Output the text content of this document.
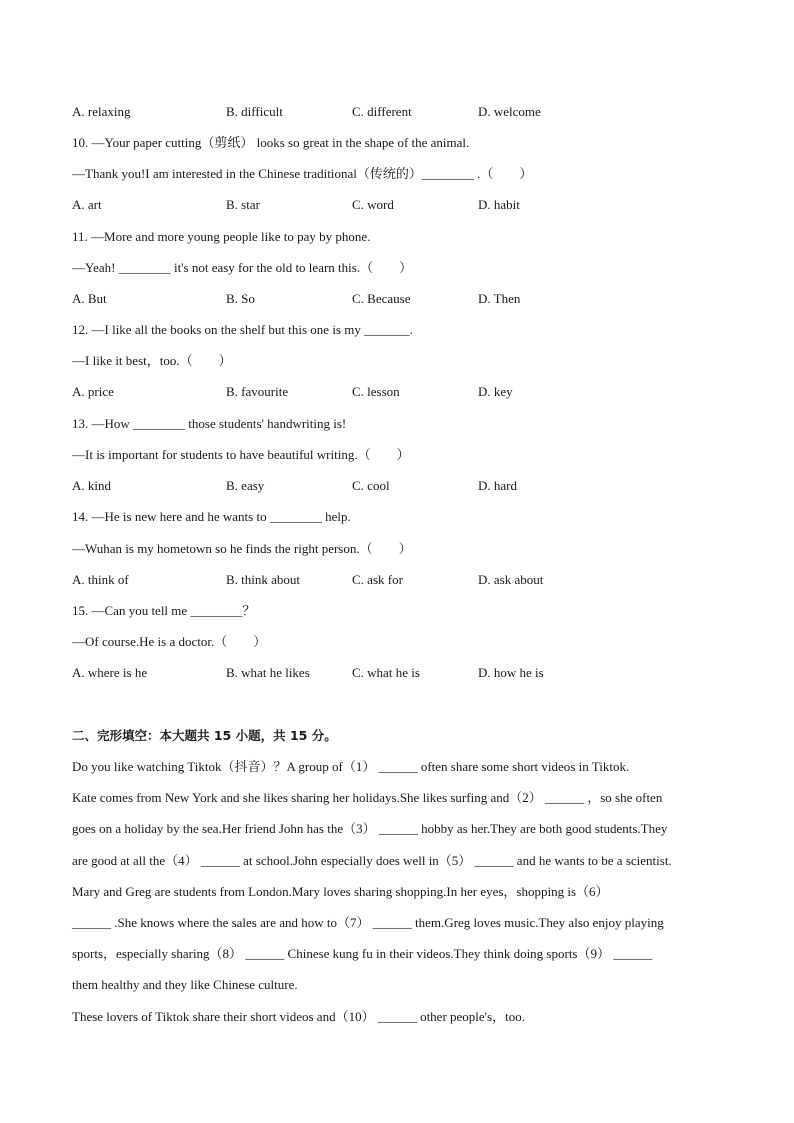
A. relaxing	B. difficult	C. different	D. welcome
10. —Your paper cutting（剪纸） looks so great in the shape of the animal.
—Thank you!I am interested in the Chinese traditional（传统的）________ .（　　）
A. art	B. star	C. word	D. habit
11. —More and more young people like to pay by phone.
—Yeah! ________ it's not easy for the old to learn this.（　　）
A. But	B. So	C. Because	D. Then
12. —I like all the books on the shelf but this one is my _______.
—I like it best，too.（　　）
A. price	B. favourite	C. lesson	D. key
13. —How ________ those students' handwriting is!
—It is important for students to have beautiful writing.（　　）
A. kind	B. easy	C. cool	D. hard
14. —He is new here and he wants to ________ help.
—Wuhan is my hometown so he finds the right person.（　　）
A. think of	B. think about	C. ask for	D. ask about
15. —Can you tell me ________？
—Of course.He is a doctor.（　　）
A. where is he	B. what he likes	C. what he is	D. how he is
二、完形填空：本大题共 15 小题，共 15 分。
Do you like watching Tiktok（抖音）？A group of（1） ______ often share some short videos in Tiktok.
Kate comes from New York and she likes sharing her holidays.She likes surfing and（2） ______ ，so she often
goes on a holiday by the sea.Her friend John has the（3） ______ hobby as her.They are both good students.They
are good at all the（4） ______ at school.John especially does well in（5） ______ and he wants to be a scientist.
Mary and Greg are students from London.Mary loves sharing shopping.In her eyes，shopping is（6）
______ .She knows where the sales are and how to（7） ______ them.Greg loves music.They also enjoy playing
sports，especially sharing（8） ______ Chinese kung fu in their videos.They think doing sports（9） ______
them healthy and they like Chinese culture.
These lovers of Tiktok share their short videos and（10） ______ other people's，too.
